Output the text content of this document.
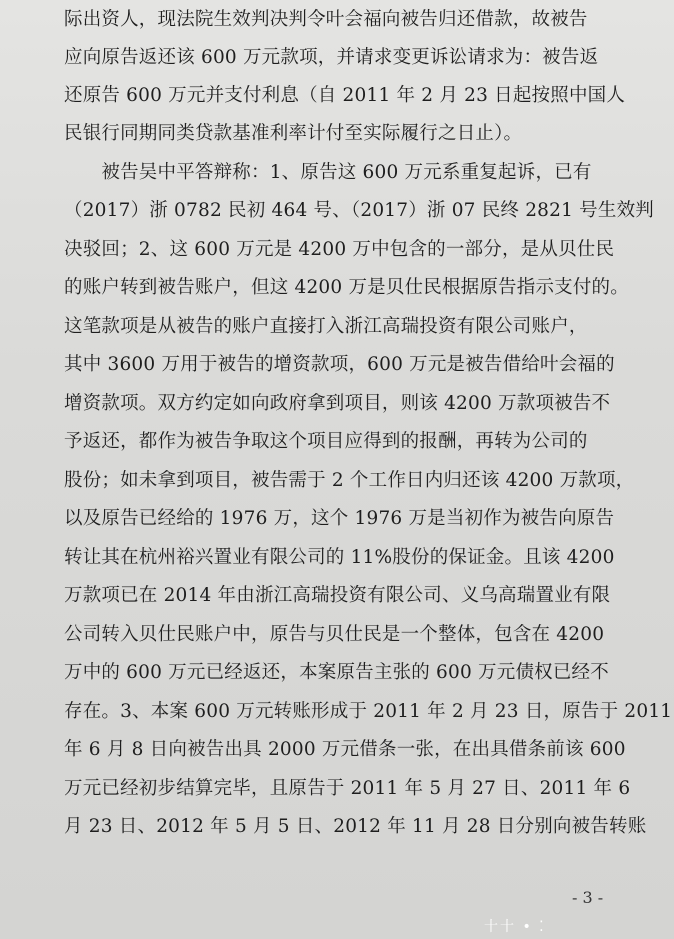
际出资人，现法院生效判决判令叶会福向被告归还借款，故被告
应向原告返还该 600 万元款项，并请求变更诉讼请求为：被告返
还原告 600 万元并支付利息（自 2011 年 2 月 23 日起按照中国人
民银行同期同类贷款基准利率计付至实际履行之日止）。
　　被告吴中平答辩称：1、原告这 600 万元系重复起诉，已有
（2017）浙 0782 民初 464 号、（2017）浙 07 民终 2821 号生效判
决驳回；2、这 600 万元是 4200 万中包含的一部分，是从贝仕民
的账户转到被告账户，但这 4200 万是贝仕民根据原告指示支付的。
这笔款项是从被告的账户直接打入浙江高瑞投资有限公司账户，
其中 3600 万用于被告的增资款项，600 万元是被告借给叶会福的
增资款项。双方约定如向政府拿到项目，则该 4200 万款项被告不
予返还，都作为被告争取这个项目应得到的报酬，再转为公司的
股份；如未拿到项目，被告需于 2 个工作日内归还该 4200 万款项，
以及原告已经给的 1976 万，这个 1976 万是当初作为被告向原告
转让其在杭州裕兴置业有限公司的 11%股份的保证金。且该 4200
万款项已在 2014 年由浙江高瑞投资有限公司、义乌高瑞置业有限
公司转入贝仕民账户中，原告与贝仕民是一个整体，包含在 4200
万中的 600 万元已经返还，本案原告主张的 600 万元债权已经不
存在。3、本案 600 万元转账形成于 2011 年 2 月 23 日，原告于 2011
年 6 月 8 日向被告出具 2000 万元借条一张，在出具借条前该 600
万元已经初步结算完毕，且原告于 2011 年 5 月 27 日、2011 年 6
月 23 日、2012 年 5 月 5 日、2012 年 11 月 28 日分别向被告转账
- 3 -
十十 • ⁚
